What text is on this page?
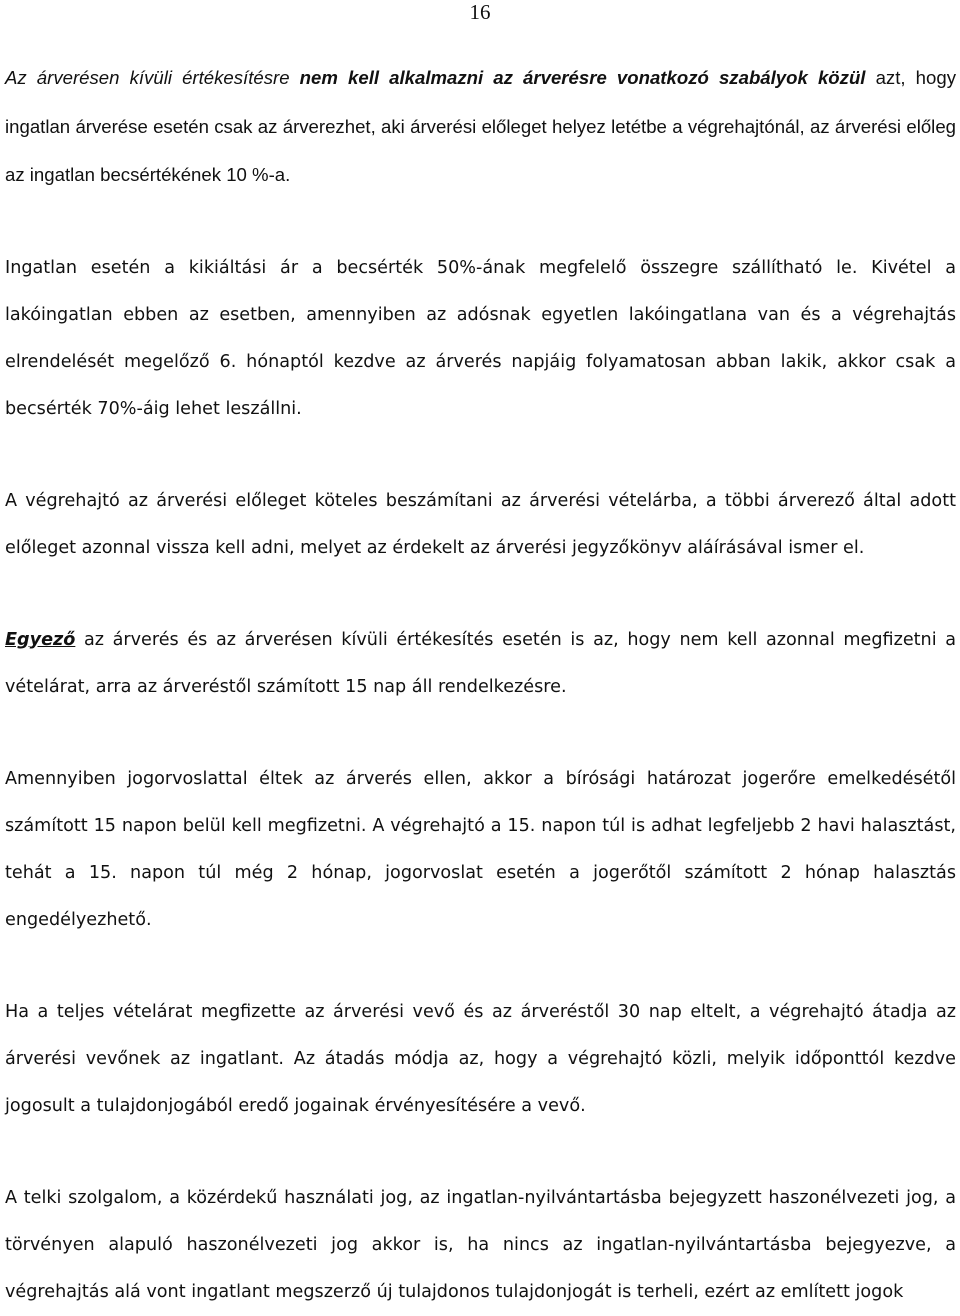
16

Az árverésen kívüli értékesítésre nem kell alkalmazni az árverésre vonatkozó szabályok közül azt, hogy ingatlan árverése esetén csak az árverezhet, aki árverési előleget helyez letétbe a végrehajtónál, az árverési előleg az ingatlan becsértékének 10 %-a.

Ingatlan esetén a kikiáltási ár a becsérték 50%-ának megfelelő összegre szállítható le. Kivétel a lakóingatlan ebben az esetben, amennyiben az adósnak egyetlen lakóingatlana van és a végrehajtás elrendelését megelőző 6. hónaptól kezdve az árverés napjáig folyamatosan abban lakik, akkor csak a becsérték 70%-áig lehet leszállni.

A végrehajtó az árverési előleget köteles beszámítani az árverési vételárba, a többi árverező által adott előleget azonnal vissza kell adni, melyet az érdekelt az árverési jegyzőkönyv aláírásával ismer el.

Egyező az árverés és az árverésen kívüli értékesítés esetén is az, hogy nem kell azonnal megfizetni a vételárat, arra az árveréstől számított 15 nap áll rendelkezésre.

Amennyiben jogorvoslattal éltek az árverés ellen, akkor a bírósági határozat jogerőre emelkedésétől számított 15 napon belül kell megfizetni. A végrehajtó a 15. napon túl is adhat legfeljebb 2 havi halasztást, tehát a 15. napon túl még 2 hónap, jogorvoslat esetén a jogerőtől számított 2 hónap halasztás engedélyezhető.

Ha a teljes vételárat megfizette az árverési vevő és az árveréstől 30 nap eltelt, a végrehajtó átadja az árverési vevőnek az ingatlant. Az átadás módja az, hogy a végrehajtó közli, melyik időponttól kezdve jogosult a tulajdonjogából eredő jogainak érvényesítésére a vevő.

A telki szolgalom, a közérdekű használati jog, az ingatlan-nyilvántartásba bejegyzett haszonélvezeti jog, a törvényen alapuló haszonélvezeti jog akkor is, ha nincs az ingatlan-nyilvántartásba bejegyezve, a végrehajtás alá vont ingatlant megszerző új tulajdonos tulajdonjogát is terheli, ezért az említett jogok
